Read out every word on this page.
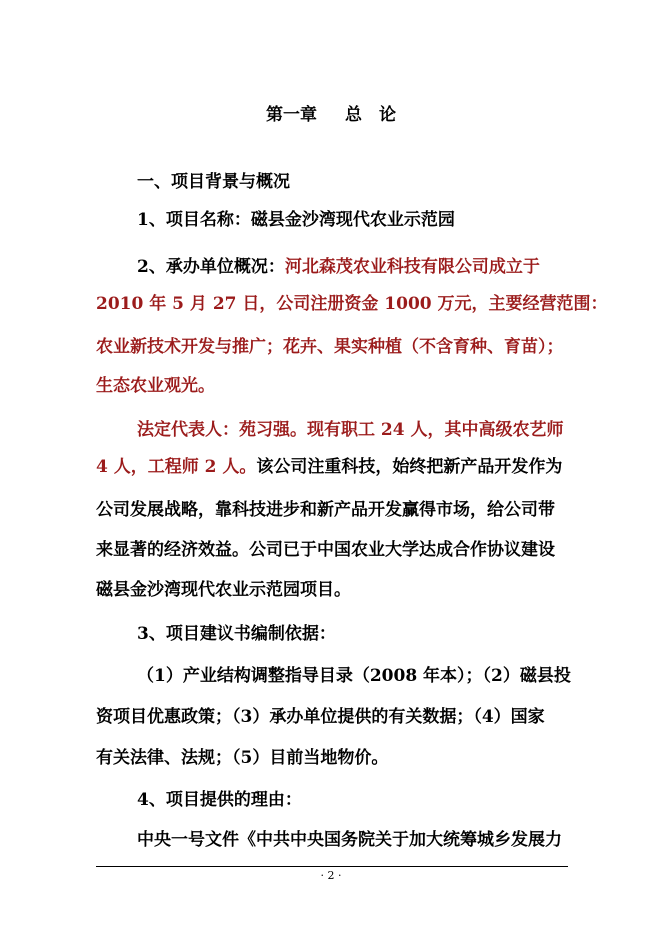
第一章 总　论
一、项目背景与概况
1、项目名称：磁县金沙湾现代农业示范园
2、承办单位概况：河北森茂农业科技有限公司成立于
2010 年 5 月 27 日，公司注册资金 1000 万元，主要经营范围：
农业新技术开发与推广；花卉、果实种植（不含育种、育苗）；
生态农业观光。
法定代表人：苑习强。现有职工 24 人，其中高级农艺师
4 人，工程师 2 人。该公司注重科技，始终把新产品开发作为
公司发展战略，靠科技进步和新产品开发赢得市场，给公司带
来显著的经济效益。公司已于中国农业大学达成合作协议建设
磁县金沙湾现代农业示范园项目。
3、项目建议书编制依据：
（1）产业结构调整指导目录（2008 年本）；（2）磁县投
资项目优惠政策；（3）承办单位提供的有关数据；（4）国家
有关法律、法规；（5）目前当地物价。
4、项目提供的理由：
中央一号文件《中共中央国务院关于加大统筹城乡发展力
· 2 ·
